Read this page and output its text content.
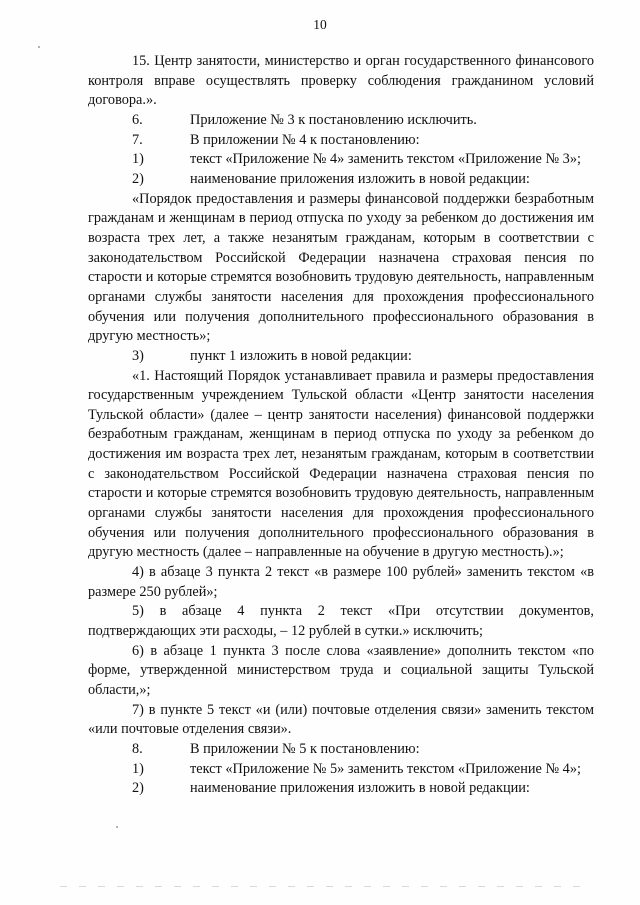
10

15. Центр занятости, министерство и орган государственного финансового контроля вправе осуществлять проверку соблюдения гражданином условий договора.».

6.	Приложение № 3 к постановлению исключить.
7.	В приложении № 4 к постановлению:
1)	текст «Приложение № 4» заменить текстом «Приложение № 3»;
2)	наименование приложения изложить в новой редакции:

«Порядок предоставления и размеры финансовой поддержки безработным гражданам и женщинам в период отпуска по уходу за ребенком до достижения им возраста трех лет, а также незанятым гражданам, которым в соответствии с законодательством Российской Федерации назначена страховая пенсия по старости и которые стремятся возобновить трудовую деятельность, направленным органами службы занятости населения для прохождения профессионального обучения или получения дополнительного профессионального образования в другую местность»;

3)	пункт 1 изложить в новой редакции:

«1. Настоящий Порядок устанавливает правила и размеры предоставления государственным учреждением Тульской области «Центр занятости населения Тульской области» (далее – центр занятости населения) финансовой поддержки безработным гражданам, женщинам в период отпуска по уходу за ребенком до достижения им возраста трех лет, незанятым гражданам, которым в соответствии с законодательством Российской Федерации назначена страховая пенсия по старости и которые стремятся возобновить трудовую деятельность, направленным органами службы занятости населения для прохождения профессионального обучения или получения дополнительного профессионального образования в другую местность (далее – направленные на обучение в другую местность).»;

4) в абзаце 3 пункта 2 текст «в размере 100 рублей» заменить текстом «в размере 250 рублей»;

5) в абзаце 4 пункта 2 текст «При отсутствии документов, подтверждающих эти расходы, – 12 рублей в сутки.» исключить;

6) в абзаце 1 пункта 3 после слова «заявление» дополнить текстом «по форме, утвержденной министерством труда и социальной защиты Тульской области,»;

7) в пункте 5 текст «и (или) почтовые отделения связи» заменить текстом «или почтовые отделения связи».

8.	В приложении № 5 к постановлению:
1)	текст «Приложение № 5» заменить текстом «Приложение № 4»;
2)	наименование приложения изложить в новой редакции:
